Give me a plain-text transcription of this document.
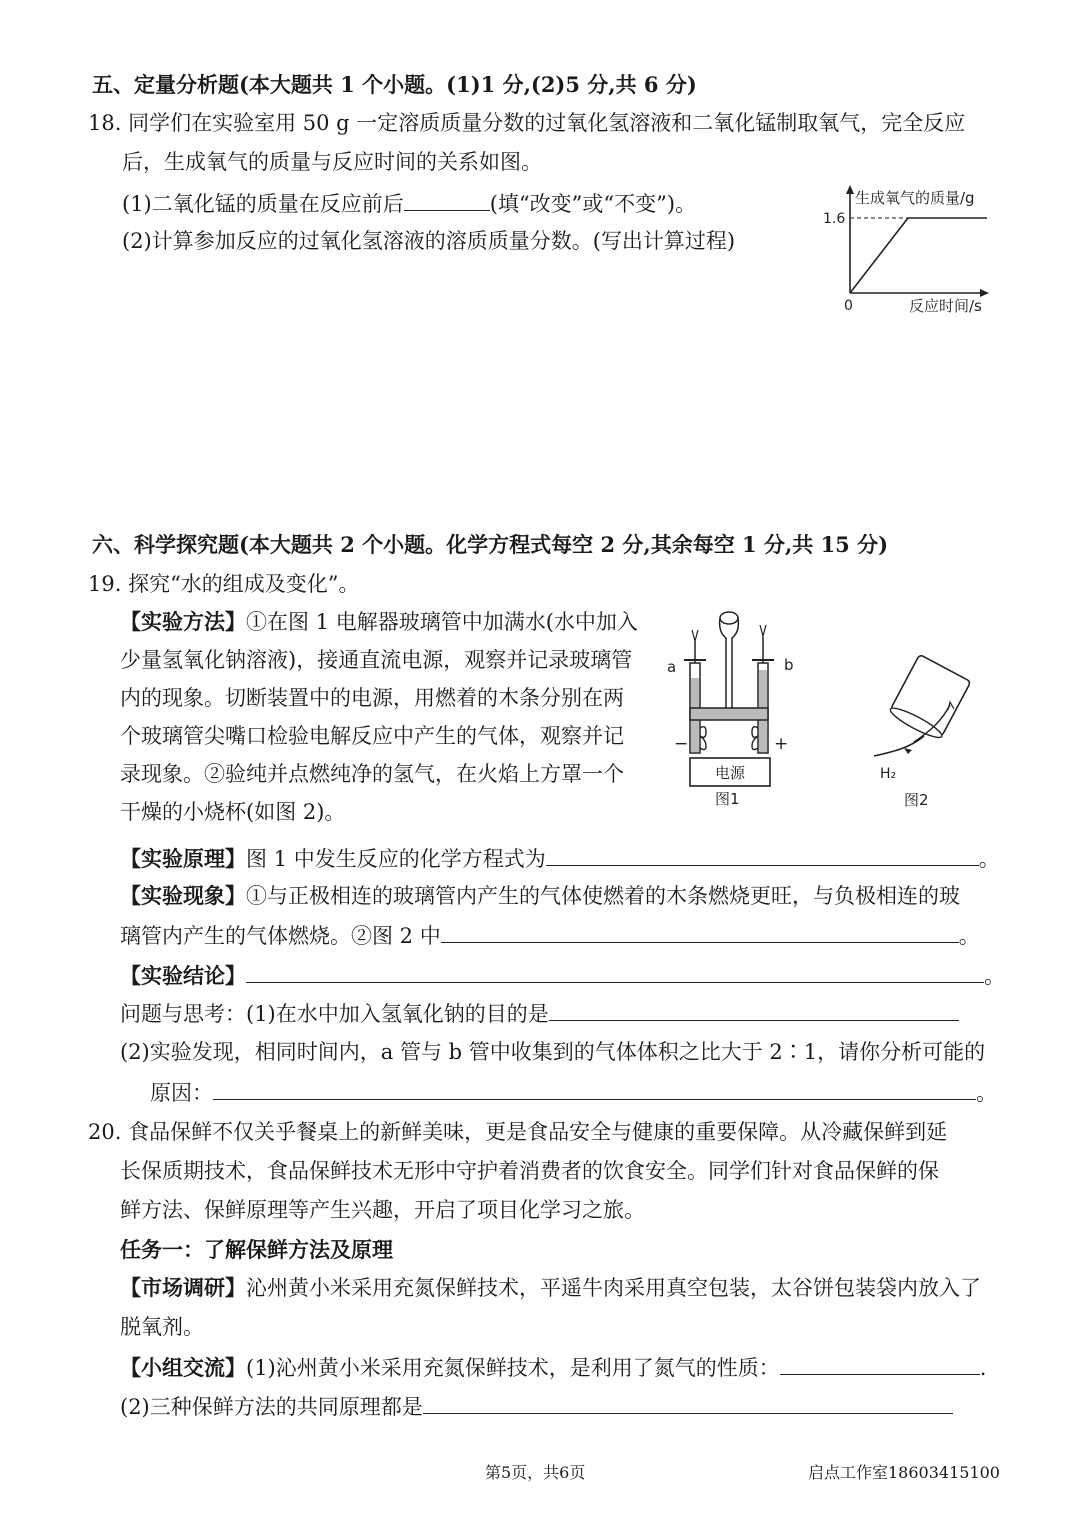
五、定量分析题(本大题共 1 个小题。(1)1 分,(2)5 分,共 6 分)
18. 同学们在实验室用 50 g 一定溶质质量分数的过氧化氢溶液和二氧化锰制取氧气，完全反应
后，生成氧气的质量与反应时间的关系如图。
(1)二氧化锰的质量在反应前后	(填“改变”或“不变”)。
(2)计算参加反应的过氧化氢溶液的溶质质量分数。(写出计算过程)
生成氧气的质量/g
1.6
0	反应时间/s
六、科学探究题(本大题共 2 个小题。化学方程式每空 2 分,其余每空 1 分,共 15 分)
19. 探究“水的组成及变化”。
【实验方法】①在图 1 电解器玻璃管中加满水(水中加入
少量氢氧化钠溶液)，接通直流电源，观察并记录玻璃管
内的现象。切断装置中的电源，用燃着的木条分别在两
个玻璃管尖嘴口检验电解反应中产生的气体，观察并记
录现象。②验纯并点燃纯净的氢气，在火焰上方罩一个
干燥的小烧杯(如图 2)。
电源
a	b
−	+
图1
H₂
图2
【实验原理】图 1 中发生反应的化学方程式为	。
【实验现象】①与正极相连的玻璃管内产生的气体使燃着的木条燃烧更旺，与负极相连的玻
璃管内产生的气体燃烧。②图 2 中	。
【实验结论】	。
问题与思考：(1)在水中加入氢氧化钠的目的是
(2)实验发现，相同时间内，a 管与 b 管中收集到的气体体积之比大于 2∶1，请你分析可能的
原因：	。
20. 食品保鲜不仅关乎餐桌上的新鲜美味，更是食品安全与健康的重要保障。从冷藏保鲜到延
长保质期技术，食品保鲜技术无形中守护着消费者的饮食安全。同学们针对食品保鲜的保
鲜方法、保鲜原理等产生兴趣，开启了项目化学习之旅。
任务一：了解保鲜方法及原理
【市场调研】沁州黄小米采用充氮保鲜技术，平遥牛肉采用真空包装，太谷饼包装袋内放入了
脱氧剂。
【小组交流】(1)沁州黄小米采用充氮保鲜技术，是利用了氮气的性质：	.
(2)三种保鲜方法的共同原理都是
第5页，共6页	启点工作室18603415100
